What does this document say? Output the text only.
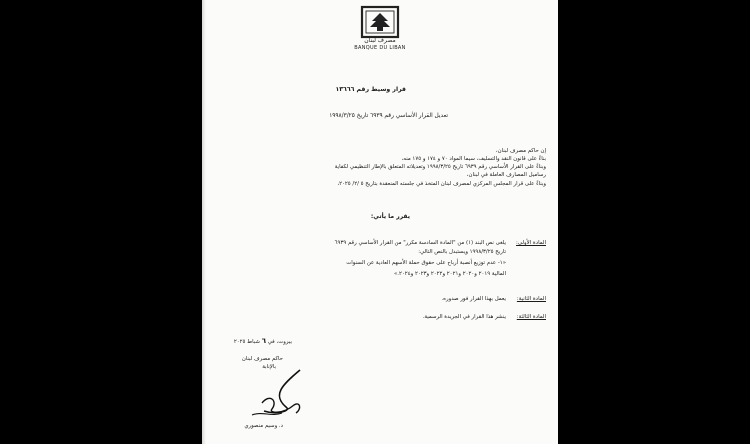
مصرف لبنان
BANQUE DU LIBAN
قرار وسيط رقم ١٣٦٦٦
تعديل القرار الأساسي رقم ٦٩٣٩ تاريخ ١٩٩٨/٣/٢٥
إن حاكم مصرف لبنان،
بناءً على قانون النقد والتسليف، سيما المواد ٧٠ و ١٧٤ و ١٧٥ منه،
وبناءً على القرار الأساسي رقم ٦٩٣٩ تاريخ ١٩٩٨/٣/٢٥ وتعديلاته المتعلق بالإطار التنظيمي لكفاية
رساميل المصارف العاملة في لبنان،
وبناءً على قرار المجلس المركزي لمصرف لبنان المتخذ في جلسته المنعقدة بتاريخ ٥ /٢/ ٢٠٢٥،
يقرر ما يأتي:
المادة الأولى:
يلغى نص البند (١) من "المادة السادسة مكرر" من القرار الأساسي رقم ٦٩٣٩
تاريخ ١٩٩٨/٣/٢٥ ويستبدل بالنص التالي:
«١- عدم توزيع أنصبة أرباح على حقوق حملة الأسهم العادية عن السنوات
المالية ٢٠١٩ و٢٠٢٠ و٢٠٢١ و٢٠٢٢ و٢٠٢٣ و٢٠٢٤.»
المادة الثانية:
يعمل بهذا القرار فور صدوره.
المادة الثالثة:
ينشر هذا القرار في الجريدة الرسمية.
بيروت، في ٦ شباط ٢٠٢٥
حاكم مصرف لبنان
بالإنابة
د. وسيم منصوري
